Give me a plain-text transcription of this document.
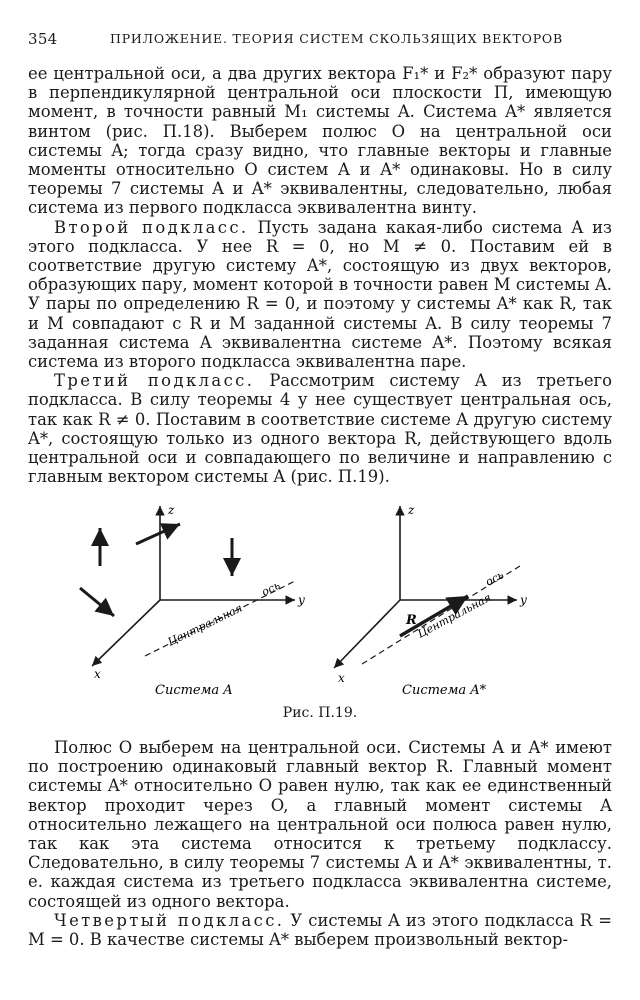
354	ПРИЛОЖЕНИЕ. ТЕОРИЯ СИСТЕМ СКОЛЬЗЯЩИХ ВЕКТОРОВ

ее центральной оси, а два других вектора F₁* и F₂* образуют пару в перпендикулярной центральной оси плоскости П, имеющую момент, в точности равный M₁ системы A. Система A* является винтом (рис. П.18). Выберем полюс O на центральной оси системы A; тогда сразу видно, что главные векторы и главные моменты относительно O систем A и A* одинаковы. Но в силу теоремы 7 системы A и A* эквивалентны, следовательно, любая система из первого подкласса эквивалентна винту.

Второй подкласс. Пусть задана какая-либо система A из этого подкласса. У нее R = 0, но M ≠ 0. Поставим ей в соответствие другую систему A*, состоящую из двух векторов, образующих пару, момент которой в точности равен M системы A. У пары по определению R = 0, и поэтому у системы A* как R, так и M совпадают с R и M заданной системы A. В силу теоремы 7 заданная система A эквивалентна системе A*. Поэтому всякая система из второго подкласса эквивалентна паре.

Третий подкласс. Рассмотрим систему A из третьего подкласса. В силу теоремы 4 у нее существует центральная ось, так как R ≠ 0. Поставим в соответствие системе A другую систему A*, состоящую только из одного вектора R, действующего вдоль центральной оси и совпадающего по величине и направлению с главным вектором системы A (рис. П.19).

z
y
x
ось
Центральная
Система A
z
y
x
ось
Центральная
R
Система A*
Рис. П.19.

Полюс O выберем на центральной оси. Системы A и A* имеют по построению одинаковый главный вектор R. Главный момент системы A* относительно O равен нулю, так как ее единственный вектор проходит через O, а главный момент системы A относительно лежащего на центральной оси полюса равен нулю, так как эта система относится к третьему подклассу. Следовательно, в силу теоремы 7 системы A и A* эквивалентны, т. е. каждая система из третьего подкласса эквивалентна системе, состоящей из одного вектора.

Четвертый подкласс. У системы A из этого подкласса R = M = 0. В качестве системы A* выберем произвольный вектор-
